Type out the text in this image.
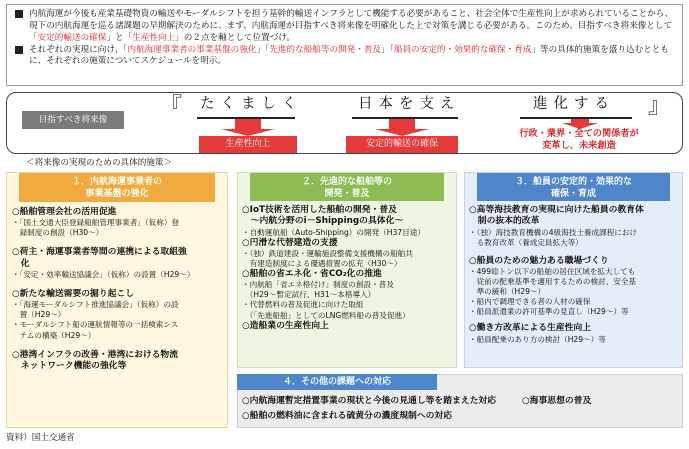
内航海運が今後も産業基礎物資の輸送やモーダルシフトを担う基幹的輸送インフラとして機能する必要があること、社会全体で生産性向上が求められていることから、現下の内航海運を巡る諸課題の早期解決のために、まず、内航海運が目指すべき将来像を明確化した上で対策を講じる必要がある。このため、目指すべき将来像として「安定的輸送の確保」と「生産性向上」の２点を軸として位置づけ。

それぞれの実現に向け、「内航海運事業者の事業基盤の強化」「先進的な船舶等の開発・普及」「船員の安定的・効果的な確保・育成」等の具体的施策を盛り込むとともに、それぞれの施策についてスケジュールを明示。

目指すべき将来像
『	』
たくましく	日本を支え	進化する
生産性向上	安定的輸送の確保
行政・業界・全ての関係者が
変革し、未来創造
＜将来像の実現のための具体的施策＞
１．内航海運事業者の
事業基盤の強化
○船舶管理会社の活用促進
・「国土交通大臣登録船舶管理事業者」（仮称）登
　録制度の創設（H30～）
○荷主・海運事業者等間の連携による取組強
　化
・「安定・効率輸送協議会」（仮称）の設置（H29～）
○新たな輸送需要の掘り起こし
・「海運モーダルシフト推進協議会」（仮称）の設
　置（H29～）
・モーダルシフト船の運航情報等の一括検索シス
　テムの構築（H29～）
○港湾インフラの改善・港湾における物流
　ネットワーク機能の強化等
２．先進的な船舶等の
開発・普及
○IoT技術を活用した船舶の開発・普及
　～内航分野のi－Shippingの具体化～
・自動運航船（Auto-Shipping）の開発（H37目途）
○円滑な代替建造の支援
・（独）鉄道建設・運輸施設整備支援機構の船舶共
　有建造制度による優遇措置の拡充（H30～）
○船舶の省エネ化・省CO₂化の推進
・内航船「省エネ格付け」制度の創設・普及
　（H29～暫定試行、H31～本格導入）
・代替燃料の普及促進に向けた取組
　（「先進船舶」としてのLNG燃料船の普及促進）
○造船業の生産性向上
３．船員の安定的・効果的な
確保・育成
○高等海技教育の実現に向けた船員の教育体
　制の抜本的改革
・（独）海技教育機構の4級海技士養成課程におけ
　る教育改革（養成定員拡大等）
○船員のための魅力ある職場づくり
・499総トン以下の船舶の居住区域を拡大しても
　従前の配乗基準を適用するための検討、安全基
　準の緩和（H29～）
・船内で調理できる者の人材の確保
・船員派遣業の許可基準の見直し（H29～）等
○働き方改革による生産性向上
・船員配乗のあり方の検討（H29～）等
４．その他の課題への対応
○内航海運暫定措置事業の現状と今後の見通し等を踏まえた対応	○海事思想の普及
○船舶の燃料油に含まれる硫黄分の濃度規制への対応
資料）国土交通省
